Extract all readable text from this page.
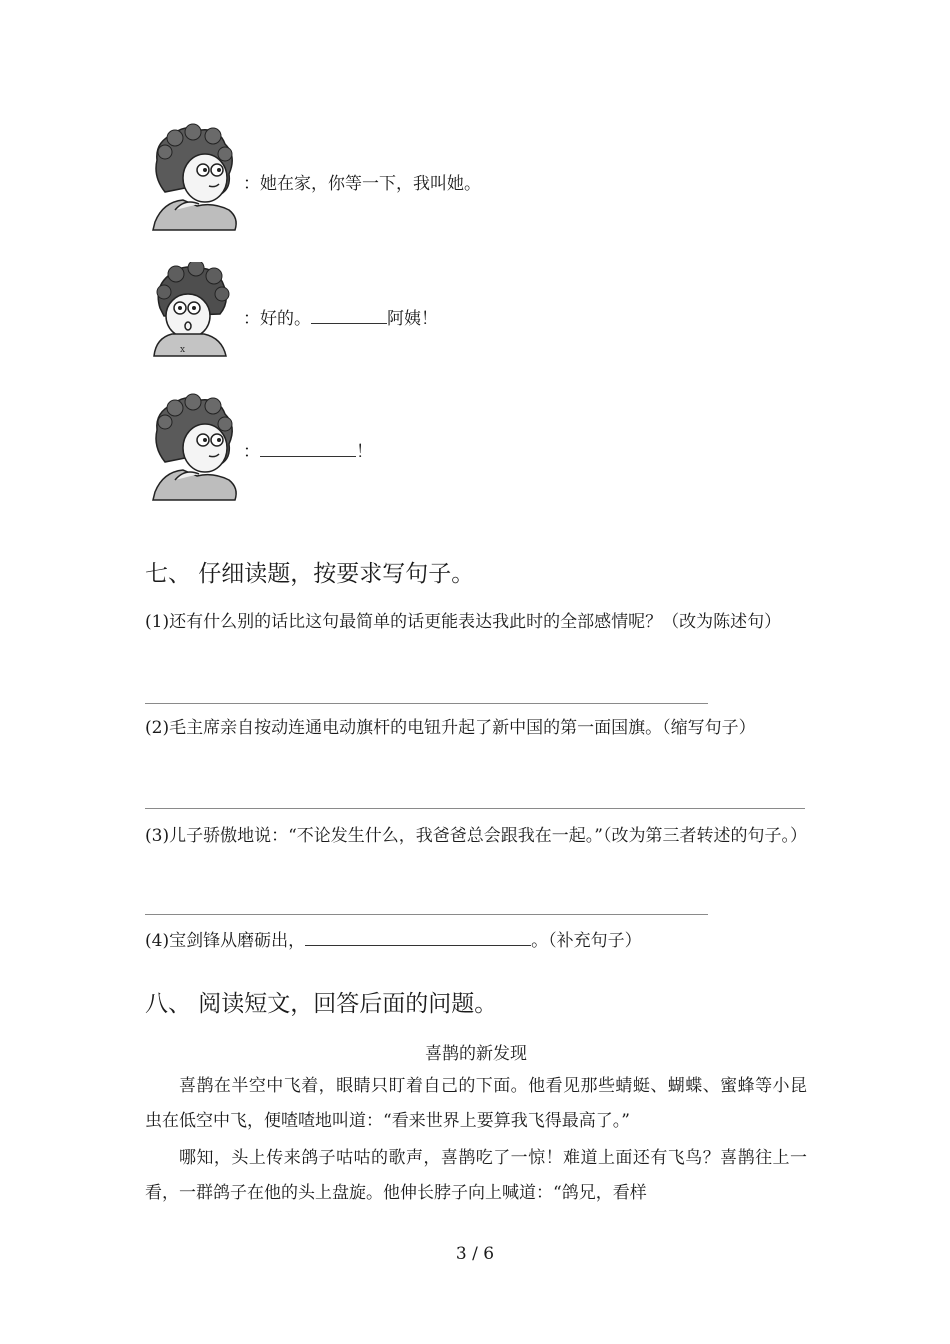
：她在家，你等一下，我叫她。
x
：好的。	阿姨！
：	！
七、 仔细读题，按要求写句子。
(1)还有什么别的话比这句最简单的话更能表达我此时的全部感情呢？（改为陈述句）
(2)毛主席亲自按动连通电动旗杆的电钮升起了新中国的第一面国旗。（缩写句子）
(3)儿子骄傲地说：“不论发生什么，我爸爸总会跟我在一起。”（改为第三者转述的句子。）
(4)宝剑锋从磨砺出，	。（补充句子）
八、 阅读短文，回答后面的问题。
喜鹊的新发现
喜鹊在半空中飞着，眼睛只盯着自己的下面。他看见那些蜻蜓、蝴蝶、蜜蜂等小昆虫在低空中飞，便喳喳地叫道：“看来世界上要算我飞得最高了。”
哪知，头上传来鸽子咕咕的歌声，喜鹊吃了一惊！难道上面还有飞鸟？喜鹊往上一看，一群鸽子在他的头上盘旋。他伸长脖子向上喊道：“鸽兄，看样
3 / 6
